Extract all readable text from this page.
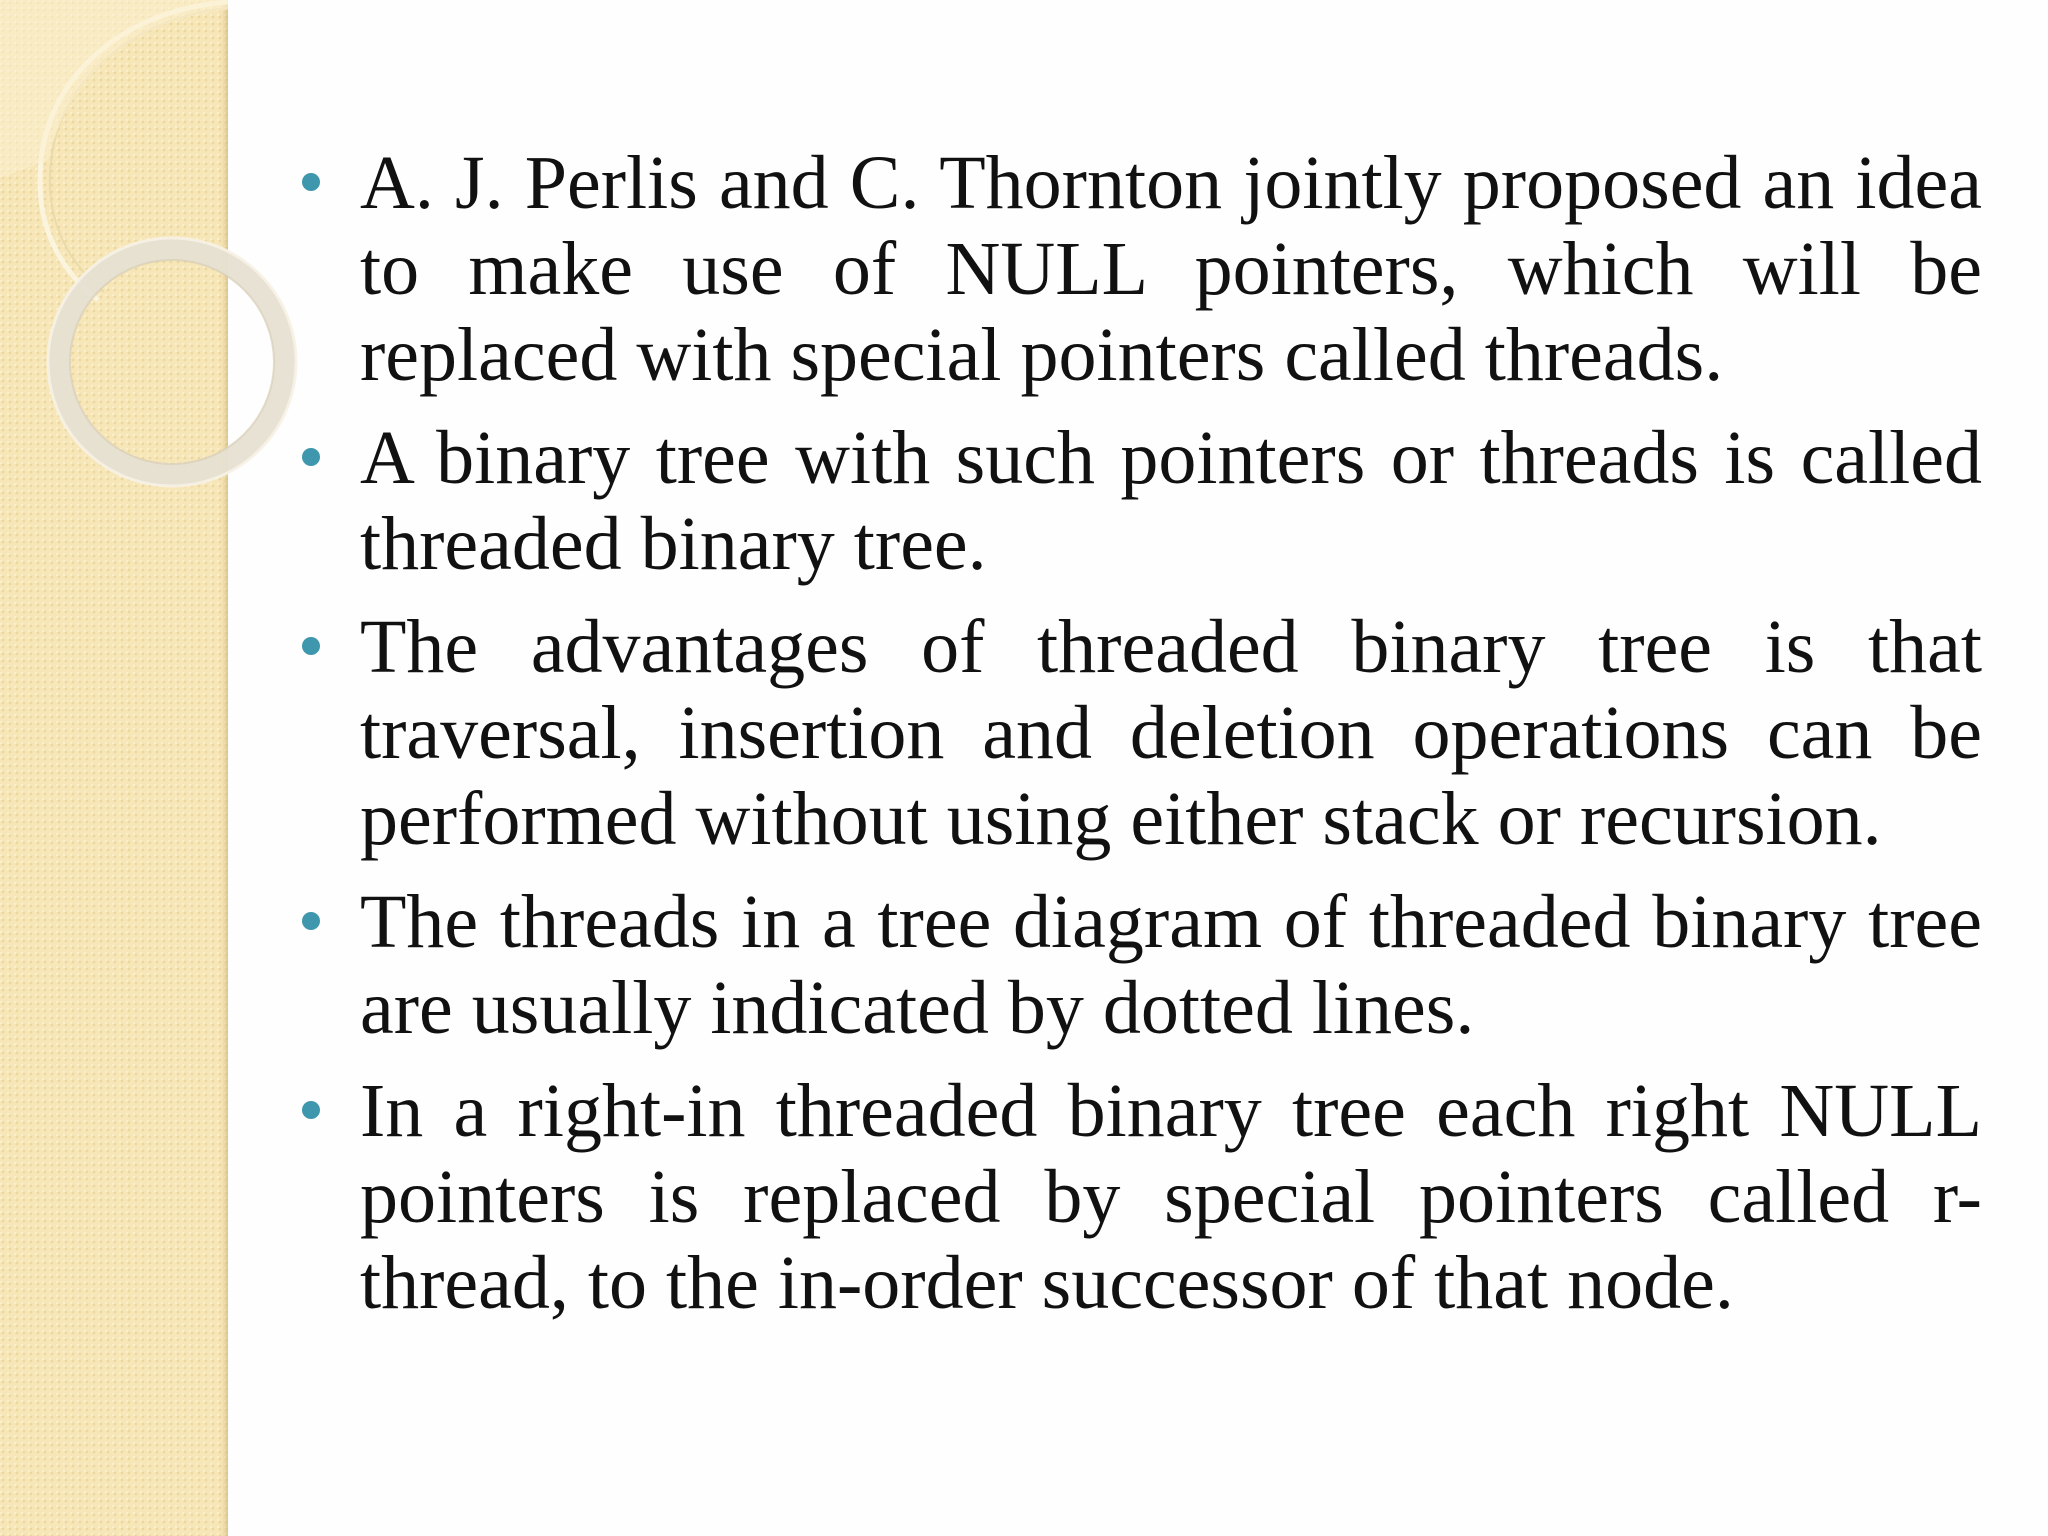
A. J. Perlis and C. Thornton jointly proposed an idea to make use of NULL pointers, which will be replaced with special pointers called threads.
A binary tree with such pointers or threads is called threaded binary tree.
The advantages of threaded binary tree is that traversal, insertion and deletion operations can be performed without using either stack or recursion.
The threads in a tree diagram of threaded binary tree are usually indicated by dotted lines.
In a right-in threaded binary tree each right NULL pointers is replaced by special pointers called r-thread, to the in-order successor of that node.
